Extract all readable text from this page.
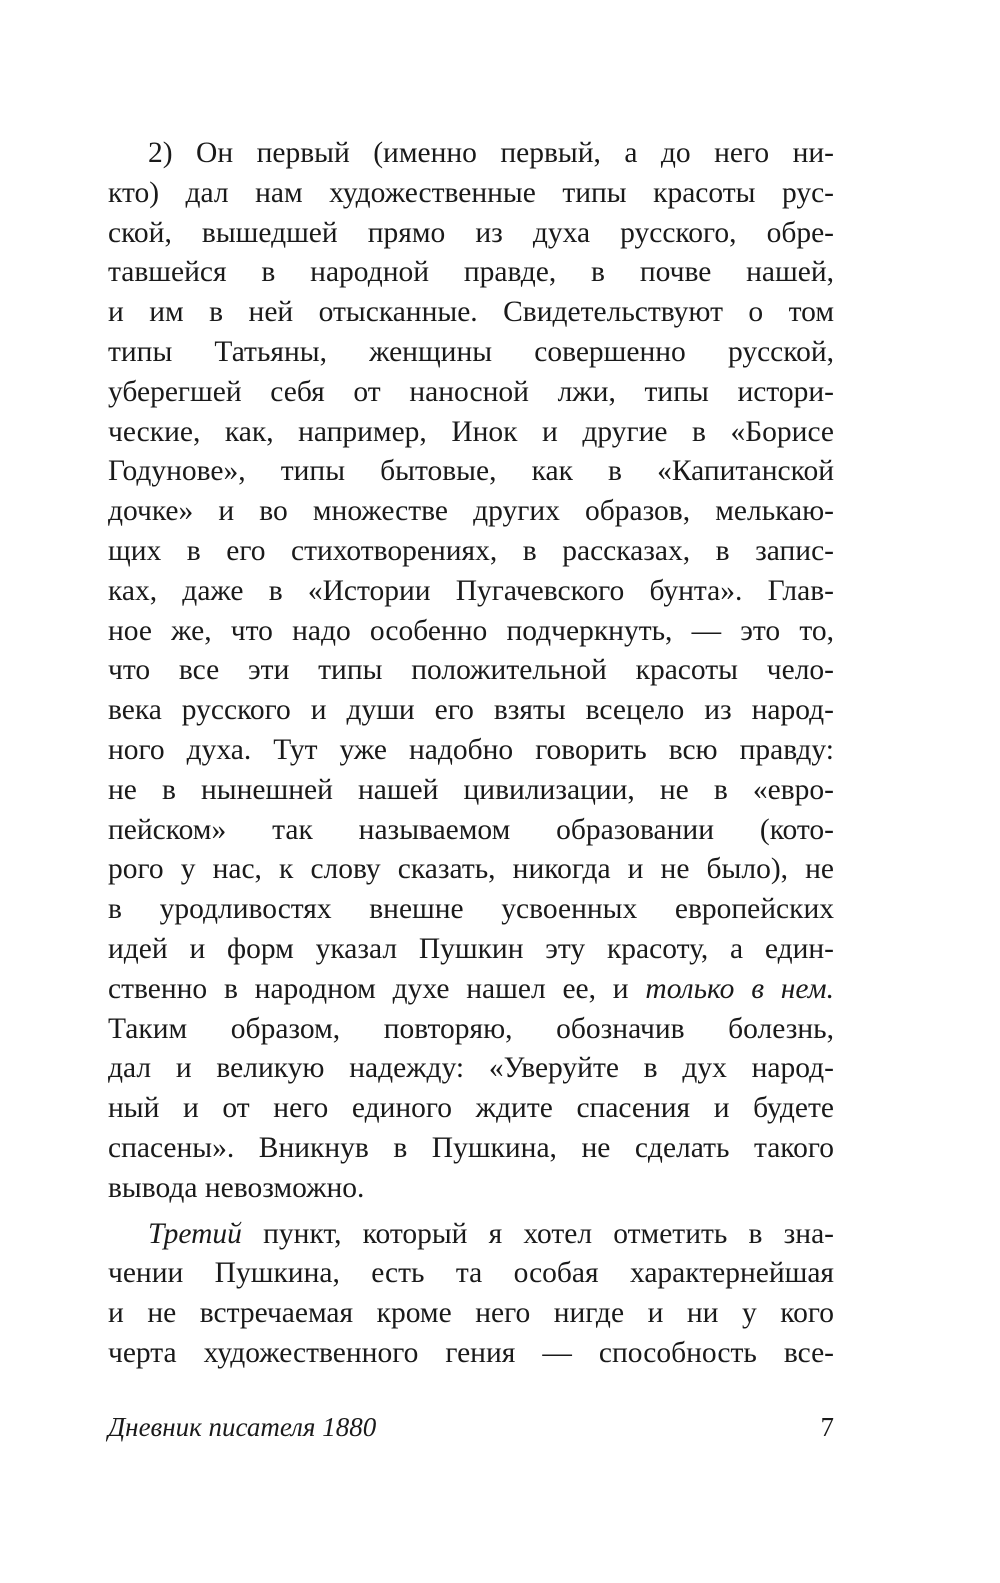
2) Он первый (именно первый, а до него ни-
кто) дал нам художественные типы красоты рус-
ской, вышедшей прямо из духа русского, обре-
тавшейся в народной правде, в почве нашей,
и им в ней отысканные. Свидетельствуют о том
типы Татьяны, женщины совершенно русской,
уберегшей себя от наносной лжи, типы истори-
ческие, как, например, Инок и другие в «Борисе
Годунове», типы бытовые, как в «Капитанской
дочке» и во множестве других образов, мелькаю-
щих в его стихотворениях, в рассказах, в запис-
ках, даже в «Истории Пугачевского бунта». Глав-
ное же, что надо особенно подчеркнуть, — это то,
что все эти типы положительной красоты чело-
века русского и души его взяты всецело из народ-
ного духа. Тут уже надобно говорить всю правду:
не в нынешней нашей цивилизации, не в «евро-
пейском» так называемом образовании (кото-
рого у нас, к слову сказать, никогда и не было), не
в уродливостях внешне усвоенных европейских
идей и форм указал Пушкин эту красоту, а един-
ственно в народном духе нашел ее, и только в нем.
Таким образом, повторяю, обозначив болезнь,
дал и великую надежду: «Уверуйте в дух народ-
ный и от него единого ждите спасения и будете
спасены». Вникнув в Пушкина, не сделать такого
вывода невозможно.
Третий пункт, который я хотел отметить в зна-
чении Пушкина, есть та особая характернейшая
и не встречаемая кроме него нигде и ни у кого
черта художественного гения — способность все-
Дневник писателя 1880	7
